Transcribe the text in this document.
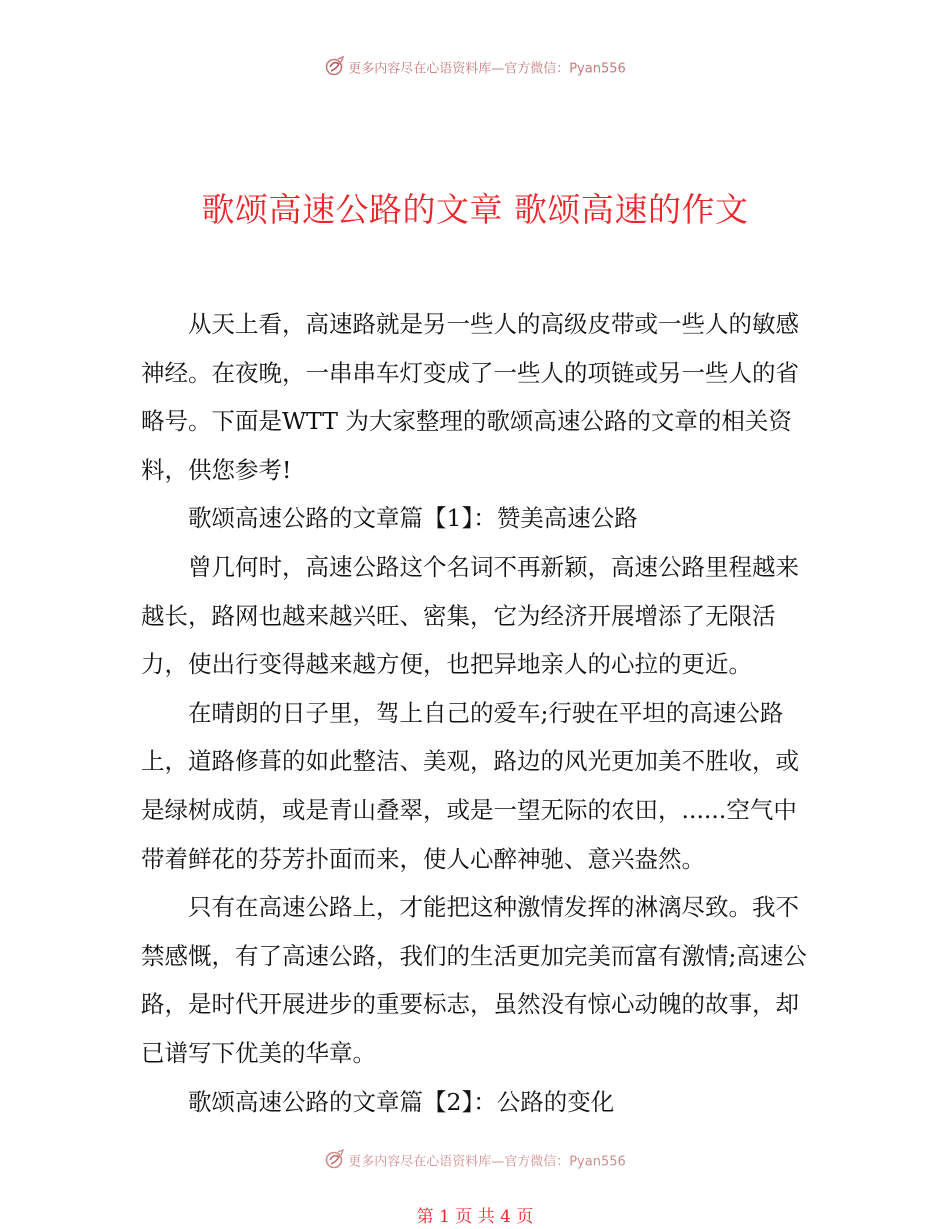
更多内容尽在心语资料库—官方微信：Pyan556
歌颂高速公路的文章 歌颂高速的作文

从天上看，高速路就是另一些人的高级皮带或一些人的敏感神经。在夜晚，一串串车灯变成了一些人的项链或另一些人的省略号。下面是WTT 为大家整理的歌颂高速公路的文章的相关资料，供您参考!

歌颂高速公路的文章篇【1】：赞美高速公路

曾几何时，高速公路这个名词不再新颖，高速公路里程越来越长，路网也越来越兴旺、密集，它为经济开展增添了无限活力，使出行变得越来越方便，也把异地亲人的心拉的更近。

在晴朗的日子里，驾上自己的爱车;行驶在平坦的高速公路上，道路修葺的如此整洁、美观，路边的风光更加美不胜收，或是绿树成荫，或是青山叠翠，或是一望无际的农田，......空气中带着鲜花的芬芳扑面而来，使人心醉神驰、意兴盎然。

只有在高速公路上，才能把这种激情发挥的淋漓尽致。我不禁感慨，有了高速公路，我们的生活更加完美而富有激情;高速公路，是时代开展进步的重要标志，虽然没有惊心动魄的故事，却已谱写下优美的华章。

歌颂高速公路的文章篇【2】：公路的变化

更多内容尽在心语资料库—官方微信：Pyan556
第 1 页 共 4 页
